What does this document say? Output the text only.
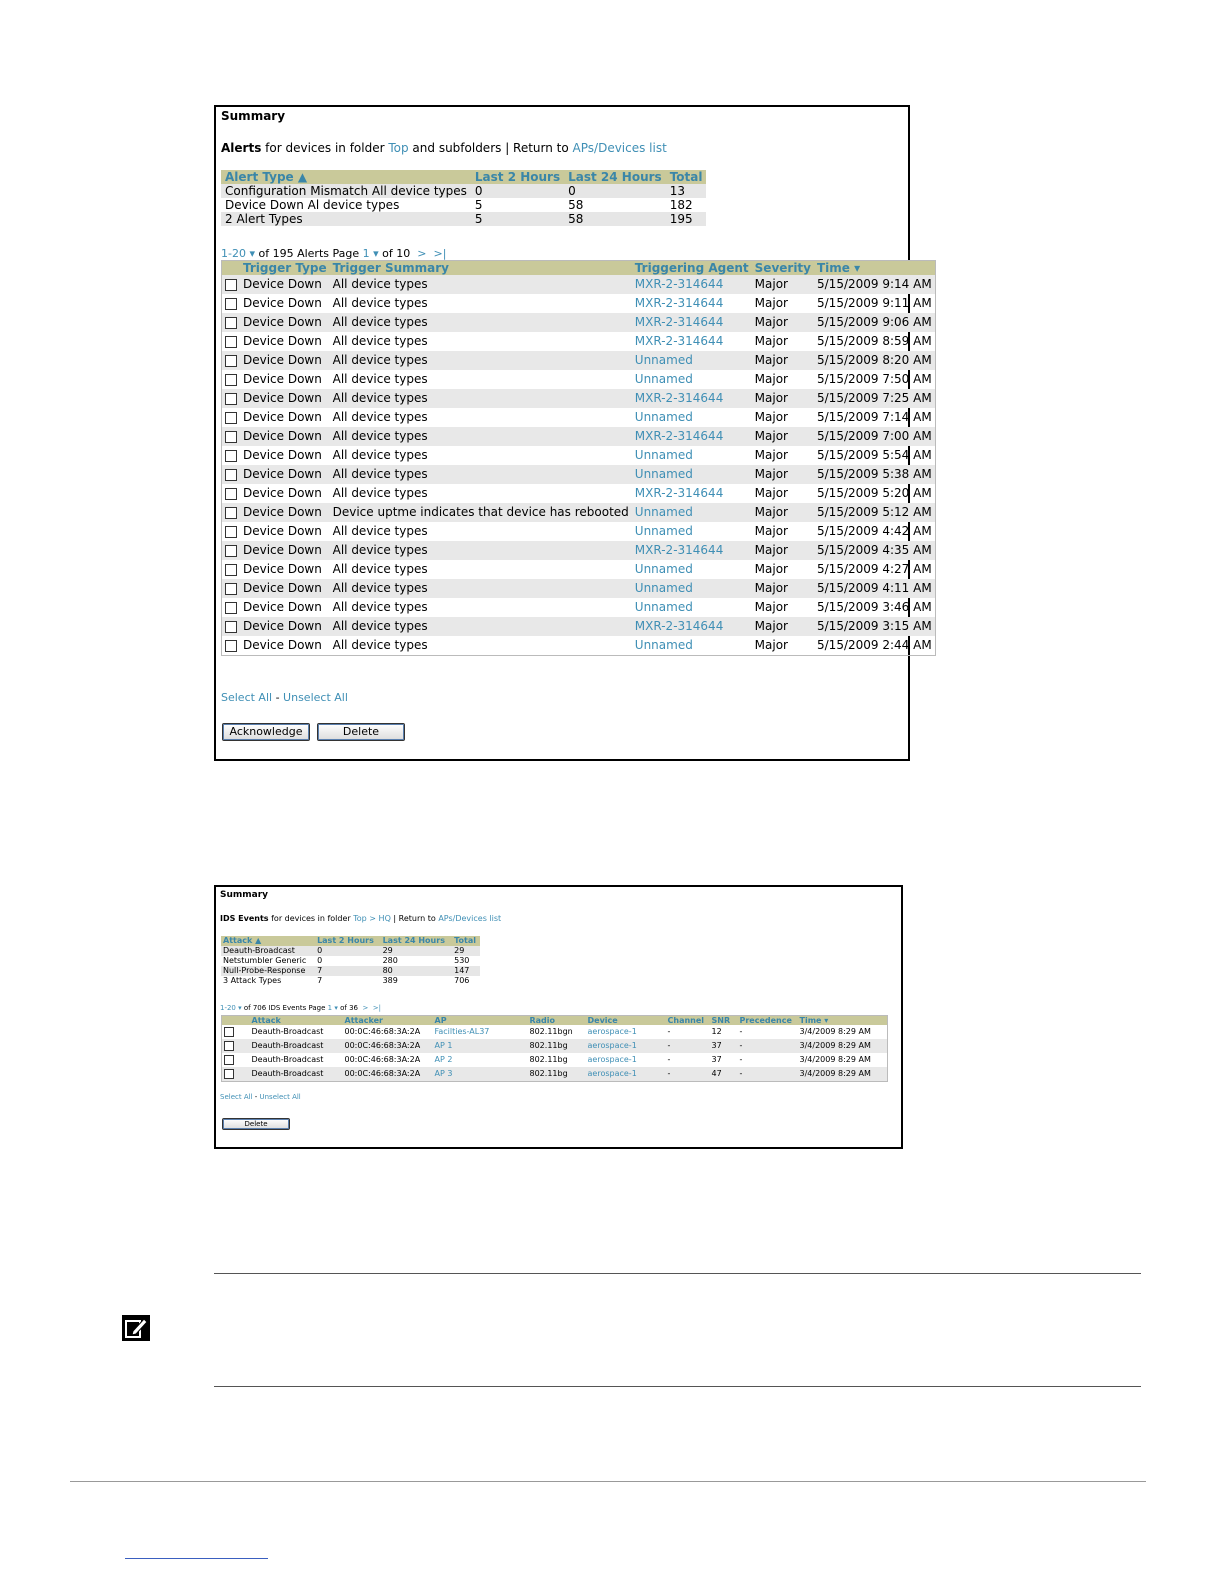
Summary
Alerts for devices in folder Top and subfolders | Return to APs/Devices list
Alert Type ▲	Last 2 Hours	Last 24 Hours	Total
Configuration Mismatch All device types	0	0	13
Device Down Al device types	5	58	182
2 Alert Types	5	58	195
1-20 ▾ of 195 Alerts Page 1 ▾ of 10  > >|
	Trigger Type	Trigger Summary	Triggering Agent	Severity	Time ▾
	Device Down	All device types	MXR-2-314644	Major	5/15/2009 9:14 AM
	Device Down	All device types	MXR-2-314644	Major	5/15/2009 9:11 AM
	Device Down	All device types	MXR-2-314644	Major	5/15/2009 9:06 AM
	Device Down	All device types	MXR-2-314644	Major	5/15/2009 8:59 AM
	Device Down	All device types	Unnamed	Major	5/15/2009 8:20 AM
	Device Down	All device types	Unnamed	Major	5/15/2009 7:50 AM
	Device Down	All device types	MXR-2-314644	Major	5/15/2009 7:25 AM
	Device Down	All device types	Unnamed	Major	5/15/2009 7:14 AM
	Device Down	All device types	MXR-2-314644	Major	5/15/2009 7:00 AM
	Device Down	All device types	Unnamed	Major	5/15/2009 5:54 AM
	Device Down	All device types	Unnamed	Major	5/15/2009 5:38 AM
	Device Down	All device types	MXR-2-314644	Major	5/15/2009 5:20 AM
	Device Down	Device uptme indicates that device has rebooted	Unnamed	Major	5/15/2009 5:12 AM
	Device Down	All device types	Unnamed	Major	5/15/2009 4:42 AM
	Device Down	All device types	MXR-2-314644	Major	5/15/2009 4:35 AM
	Device Down	All device types	Unnamed	Major	5/15/2009 4:27 AM
	Device Down	All device types	Unnamed	Major	5/15/2009 4:11 AM
	Device Down	All device types	Unnamed	Major	5/15/2009 3:46 AM
	Device Down	All device types	MXR-2-314644	Major	5/15/2009 3:15 AM
	Device Down	All device types	Unnamed	Major	5/15/2009 2:44 AM
Select All - Unselect All
Acknowledge	Delete
Summary
IDS Events for devices in folder Top > HQ | Return to APs/Devices list
Attack ▲	Last 2 Hours	Last 24 Hours	Total
Deauth-Broadcast	0	29	29
Netstumbler Generic	0	280	530
Null-Probe-Response	7	80	147
3 Attack Types	7	389	706
1-20 ▾ of 706 IDS Events Page 1 ▾ of 36  > >|
	Attack	Attacker	AP	Radio	Device	Channel	SNR	Precedence	Time ▾
	Deauth-Broadcast	00:0C:46:68:3A:2A	Facilties-AL37	802.11bgn	aerospace-1	-	12	-	3/4/2009 8:29 AM
	Deauth-Broadcast	00:0C:46:68:3A:2A	AP 1	802.11bg	aerospace-1	-	37	-	3/4/2009 8:29 AM
	Deauth-Broadcast	00:0C:46:68:3A:2A	AP 2	802.11bg	aerospace-1	-	37	-	3/4/2009 8:29 AM
	Deauth-Broadcast	00:0C:46:68:3A:2A	AP 3	802.11bg	aerospace-1	-	47	-	3/4/2009 8:29 AM
Select All - Unselect All
Delete
